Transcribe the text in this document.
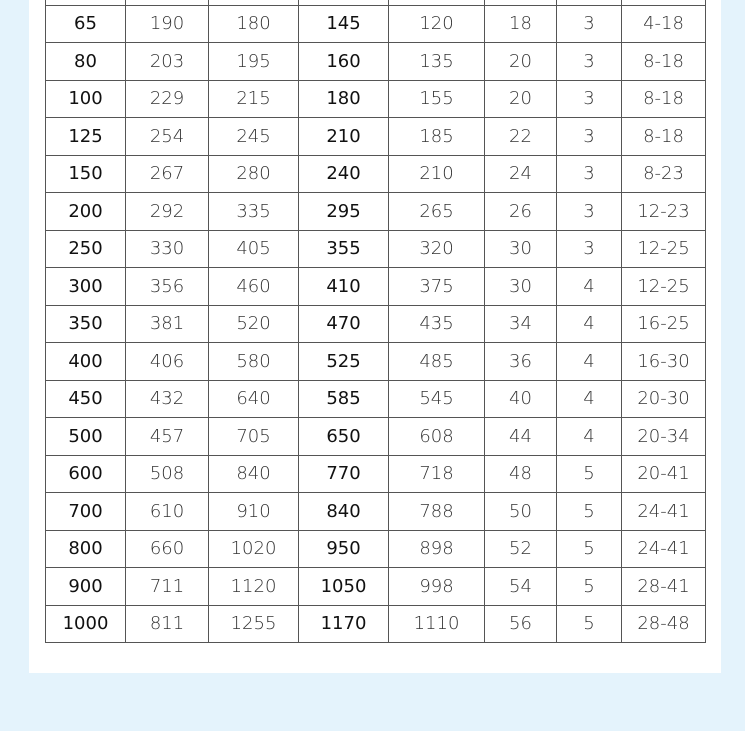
65	190	180	145	120	18	3	4-18
80	203	195	160	135	20	3	8-18
100	229	215	180	155	20	3	8-18
125	254	245	210	185	22	3	8-18
150	267	280	240	210	24	3	8-23
200	292	335	295	265	26	3	12-23
250	330	405	355	320	30	3	12-25
300	356	460	410	375	30	4	12-25
350	381	520	470	435	34	4	16-25
400	406	580	525	485	36	4	16-30
450	432	640	585	545	40	4	20-30
500	457	705	650	608	44	4	20-34
600	508	840	770	718	48	5	20-41
700	610	910	840	788	50	5	24-41
800	660	1020	950	898	52	5	24-41
900	711	1120	1050	998	54	5	28-41
1000	811	1255	1170	1110	56	5	28-48
